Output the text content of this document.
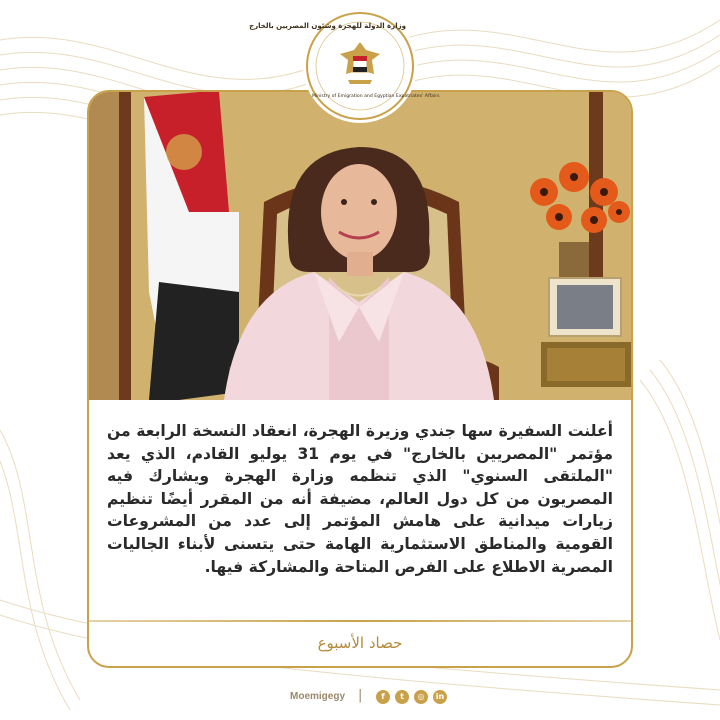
أعلنت السفيرة سها جندي وزيرة الهجرة، انعقاد النسخة الرابعة من مؤتمر "المصريين بالخارج" في يوم 31 يوليو القادم، الذي يعد "الملتقى السنوي" الذي تنظمه وزارة الهجرة ويشارك فيه المصريون من كل دول العالم، مضيفة أنه من المقرر أيضًا تنظيم زيارات ميدانية على هامش المؤتمر إلى عدد من المشروعات القومية والمناطق الاستثمارية الهامة حتى يتسنى لأبناء الجاليات المصرية الاطلاع على الفرص المتاحة والمشاركة فيها.
حصاد الأسبوع
وزارة الدولة للهجرة وشئون المصريين بالخارج
Ministry of Emigration and Egyptian Expatriates' Affairs
Moemigegy |	f	t	◎	in
